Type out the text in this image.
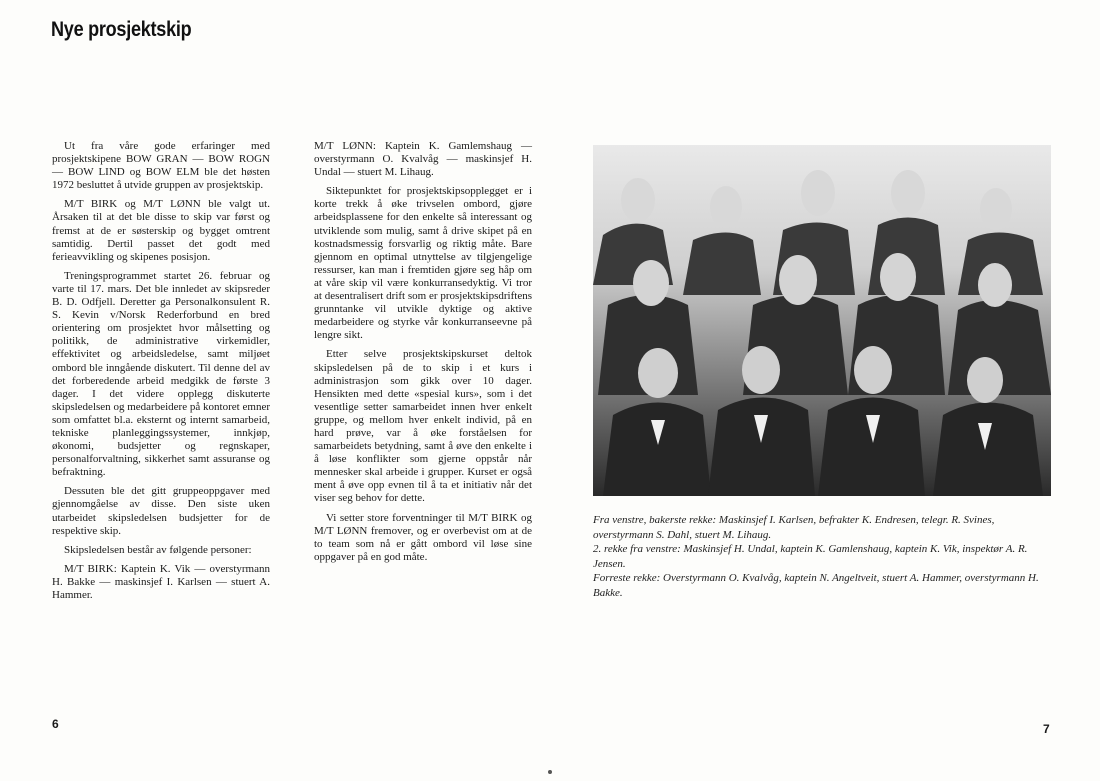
Nye prosjektskip

Ut fra våre gode erfaringer med prosjektskipene BOW GRAN — BOW ROGN — BOW LIND og BOW ELM ble det høsten 1972 besluttet å utvide gruppen av prosjektskip.

M/T BIRK og M/T LØNN ble valgt ut. Årsaken til at det ble disse to skip var først og fremst at de er søsterskip og bygget omtrent samtidig. Dertil passet det godt med ferieavvikling og skipenes posisjon.

Treningsprogrammet startet 26. februar og varte til 17. mars. Det ble innledet av skipsreder B. D. Odfjell. Deretter ga Personalkonsulent R. S. Kevin v/Norsk Rederforbund en bred orientering om prosjektet hvor målsetting og politikk, de administrative virkemidler, effektivitet og arbeidsledelse, samt miljøet ombord ble inngående diskutert. Til denne del av det forberedende arbeid medgikk de første 3 dager. I det videre opplegg diskuterte skipsledelsen og medarbeidere på kontoret emner som omfattet bl.a. eksternt og internt samarbeid, tekniske planleggingssystemer, innkjøp, økonomi, budsjetter og regnskaper, personalforvaltning, sikkerhet samt assuranse og befraktning.

Dessuten ble det gitt gruppeoppgaver med gjennomgåelse av disse. Den siste uken utarbeidet skipsledelsen budsjetter for de respektive skip.

Skipsledelsen består av følgende personer:

M/T BIRK: Kaptein K. Vik — overstyrmann H. Bakke — maskinsjef I. Karlsen — stuert A. Hammer.

M/T LØNN: Kaptein K. Gamlemshaug — overstyrmann O. Kvalvåg — maskinsjef H. Undal — stuert M. Lihaug.

Siktepunktet for prosjektskipsopplegget er i korte trekk å øke trivselen ombord, gjøre arbeidsplassene for den enkelte så interessant og utviklende som mulig, samt å drive skipet på en kostnadsmessig forsvarlig og riktig måte. Bare gjennom en optimal utnyttelse av tilgjengelige ressurser, kan man i fremtiden gjøre seg håp om at våre skip vil være konkurransedyktig. Vi tror at desentralisert drift som er prosjektskipsdriftens grunntanke vil utvikle dyktige og aktive medarbeidere og styrke vår konkurranseevne på lengre sikt.

Etter selve prosjektskipskurset deltok skipsledelsen på de to skip i et kurs i administrasjon som gikk over 10 dager. Hensikten med dette «spesial kurs», som i det vesentlige setter samarbeidet innen hver enkelt gruppe, og mellom hver enkelt individ, på en hard prøve, var å øke forståelsen for samarbeidets betydning, samt å øve den enkelte i å løse konflikter som gjerne oppstår når mennesker skal arbeide i grupper. Kurset er også ment å øve opp evnen til å ta et initiativ når det viser seg behov for dette.

Vi setter store forventninger til M/T BIRK og M/T LØNN fremover, og er overbevist om at de to team som nå er gått ombord vil løse sine oppgaver på en god måte.

6

Fra venstre, bakerste rekke: Maskinsjef I. Karlsen, befrakter K. Endresen, telegr. R. Svines, overstyrmann S. Dahl, stuert M. Lihaug.

2. rekke fra venstre: Maskinsjef H. Undal, kaptein K. Gamlenshaug, kaptein K. Vik, inspektør A. R. Jensen.

Forreste rekke: Overstyrmann O. Kvalvåg, kaptein N. Angeltveit, stuert A. Hammer, overstyrmann H. Bakke.

7
